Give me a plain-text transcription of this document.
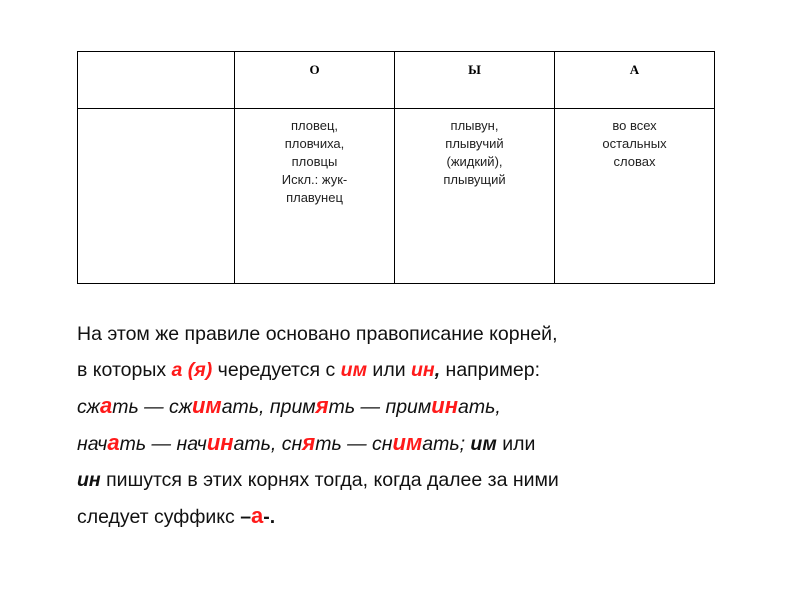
	О	Ы	А

	пловец,
пловчиха,
пловцы
Искл.: жук-
плавунец	плывун,
плывучий
(жидкий),
плывущий	во всех
остальных
словах
На этом же правиле основано правописание корней,
в которых а (я) чередуется с им или ин, например:
сжать — сжимать, примять — приминать,
начать — начинать, снять — снимать; им или
ин пишутся в этих корнях тогда, когда далее за ними
следует суффикс –а-.
